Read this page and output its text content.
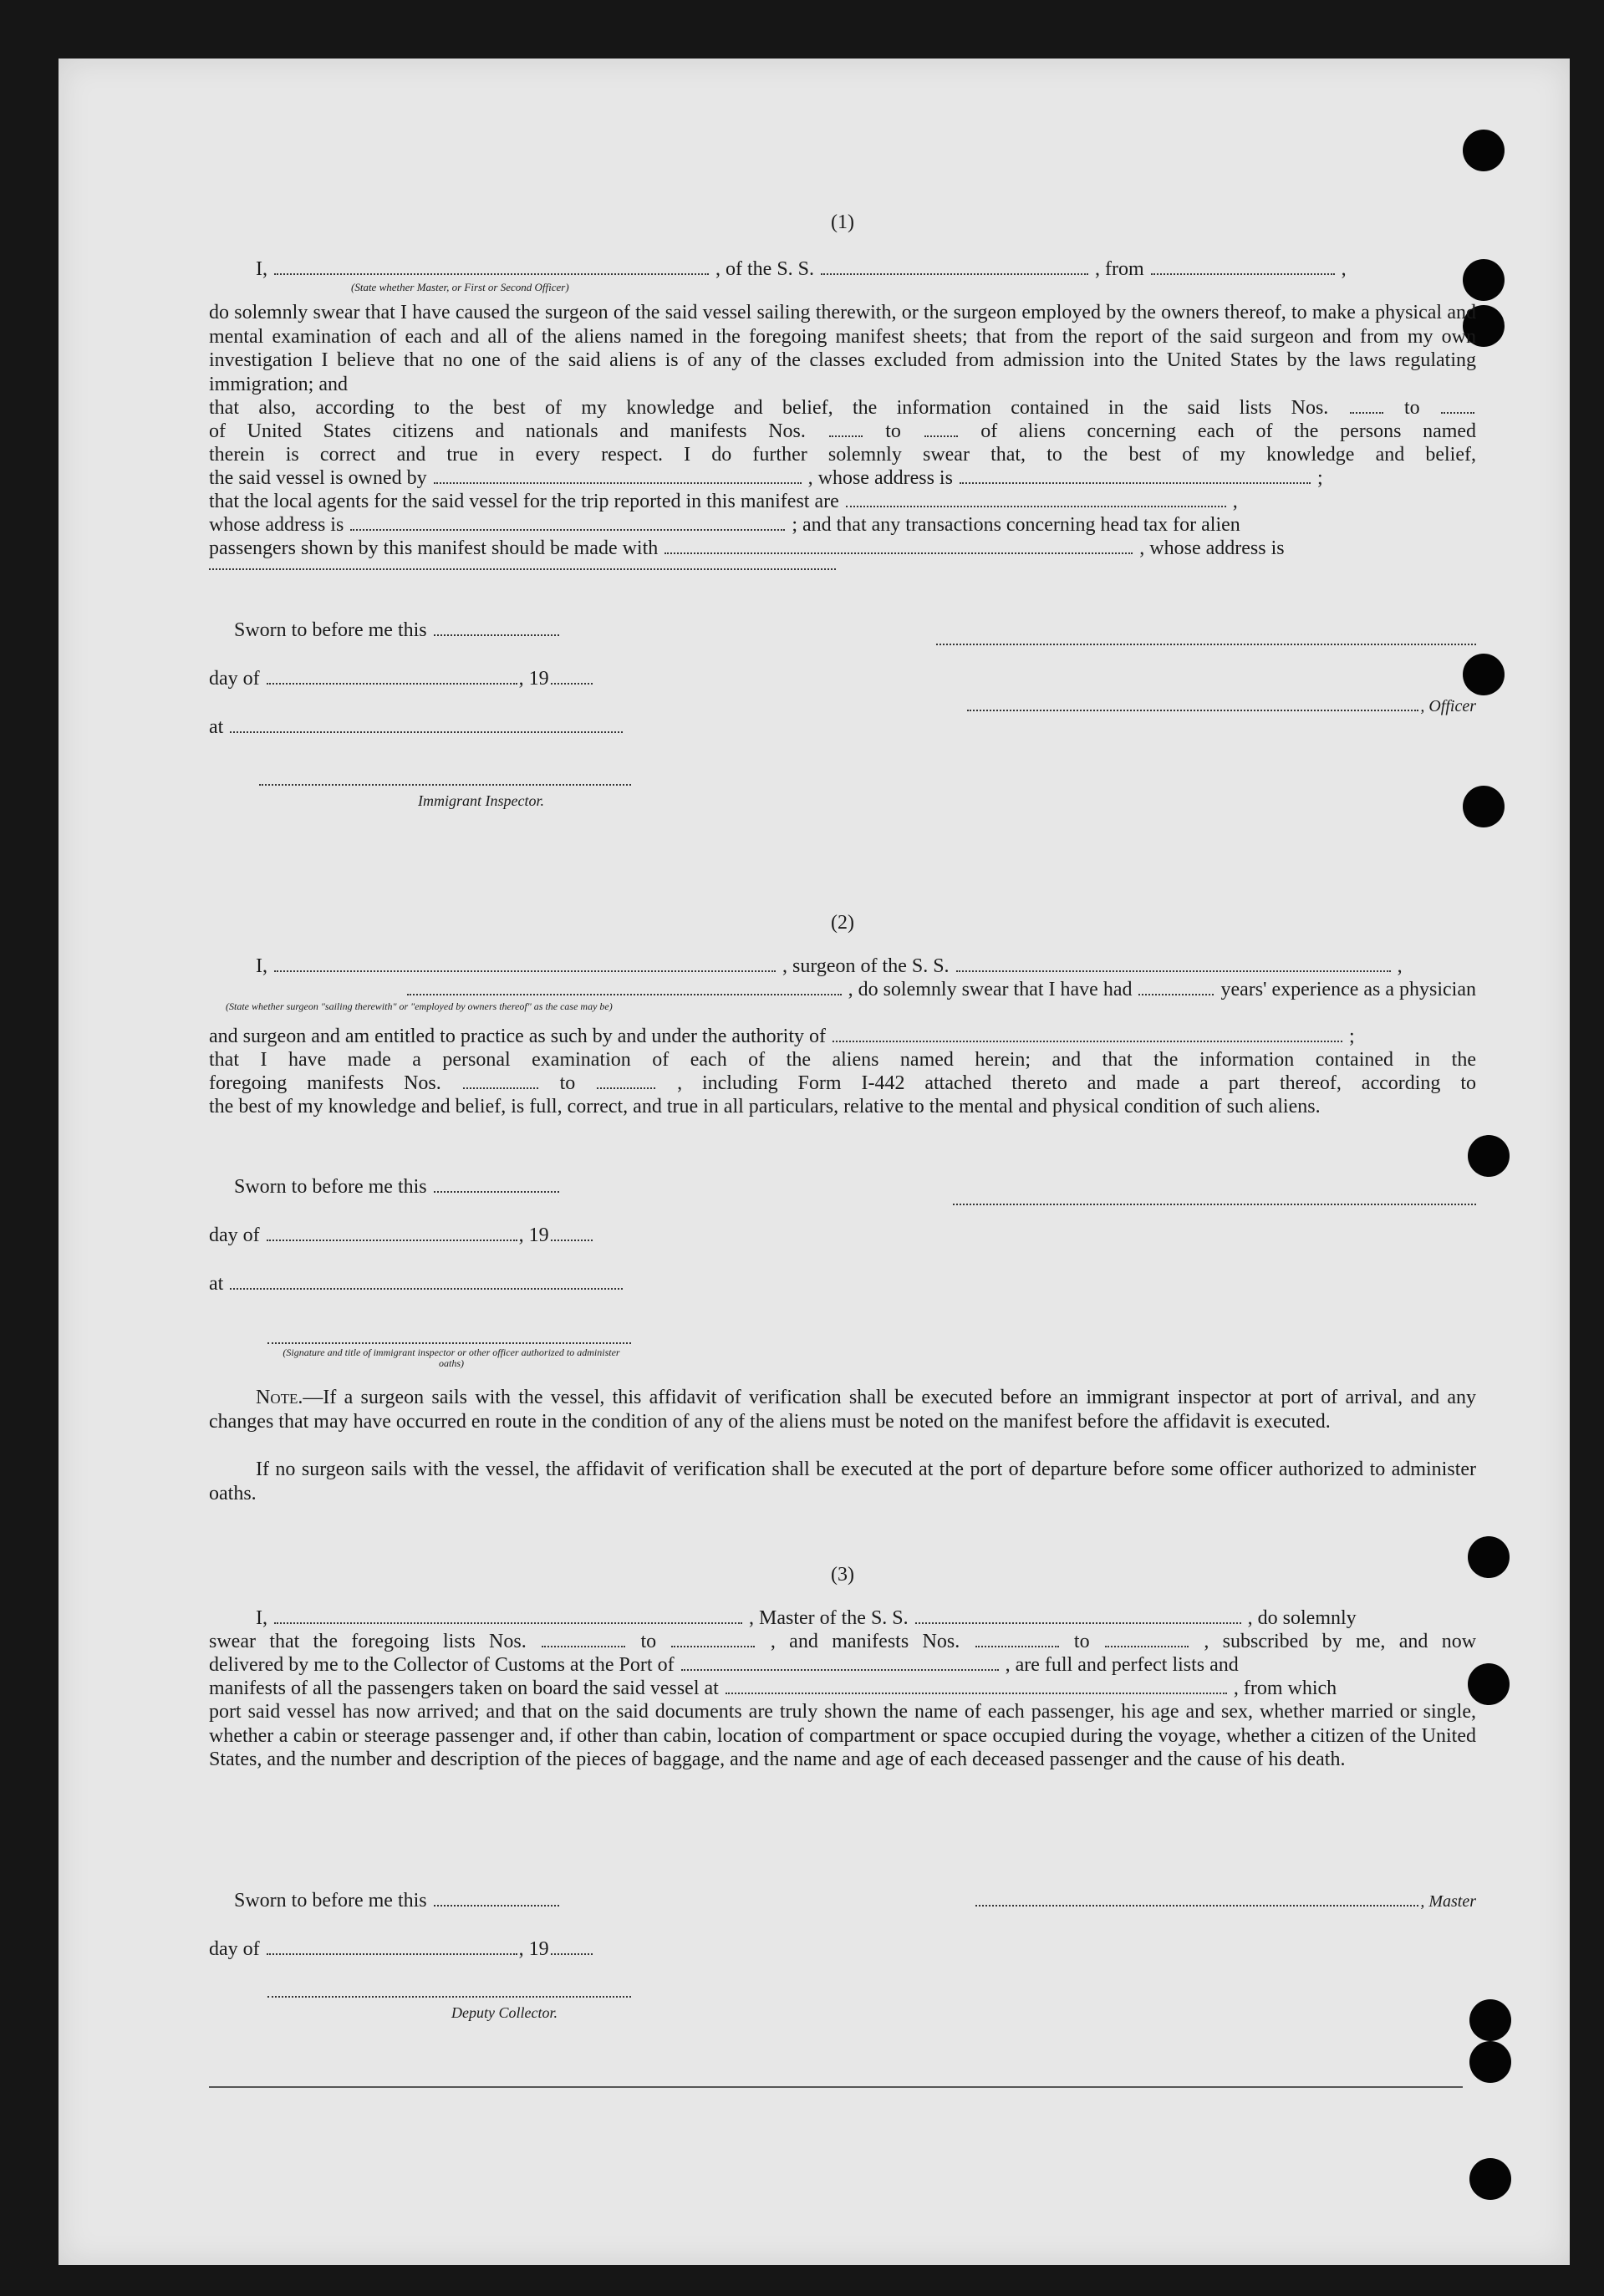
(1)
I,	, of the S. S.	, from	,
(State whether Master, or First or Second Officer)
do solemnly swear that I have caused the surgeon of the said vessel sailing therewith, or the surgeon employed by the owners thereof, to make a physical and mental examination of each and all of the aliens named in the foregoing manifest sheets; that from the report of the said surgeon and from my own investigation I believe that no one of the said aliens is of any of the classes excluded from admission into the United States by the laws regulating immigration; and
that also, according to the best of my knowledge and belief, the information contained in the said lists Nos.	to
of United States citizens and nationals and manifests Nos.	to	of aliens concerning each of the persons named
therein is correct and true in every respect. I do further solemnly swear that, to the best of my knowledge and belief,
the said vessel is owned by	, whose address is	;
that the local agents for the said vessel for the trip reported in this manifest are	,
whose address is	; and that any transactions concerning head tax for alien
passengers shown by this manifest should be made with	, whose address is
Sworn to before me this
day of	, 19
, Officer
at
Immigrant Inspector.
(2)
I,	, surgeon of the S. S.	,
, do solemnly swear that I have had	years' experience as a physician
(State whether surgeon "sailing therewith" or "employed by owners thereof" as the case may be)
and surgeon and am entitled to practice as such by and under the authority of	;
that I have made a personal examination of each of the aliens named herein; and that the information contained in the
foregoing manifests Nos.	to	, including Form I-442 attached thereto and made a part thereof, according to
the best of my knowledge and belief, is full, correct, and true in all particulars, relative to the mental and physical condition of such aliens.
Sworn to before me this
day of	, 19
at
(Signature and title of immigrant inspector or other officer authorized to administer oaths)
Note.—If a surgeon sails with the vessel, this affidavit of verification shall be executed before an immigrant inspector at port of arrival, and any changes that may have occurred en route in the condition of any of the aliens must be noted on the manifest before the affidavit is executed.
If no surgeon sails with the vessel, the affidavit of verification shall be executed at the port of departure before some officer authorized to administer oaths.
(3)
I,	, Master of the S. S.	, do solemnly
swear that the foregoing lists Nos.	to	, and manifests Nos.	to	, subscribed by me, and now
delivered by me to the Collector of Customs at the Port of	, are full and perfect lists and
manifests of all the passengers taken on board the said vessel at	, from which
port said vessel has now arrived; and that on the said documents are truly shown the name of each passenger, his age and sex, whether married or single, whether a cabin or steerage passenger and, if other than cabin, location of compartment or space occupied during the voyage, whether a citizen of the United States, and the number and description of the pieces of baggage, and the name and age of each deceased passenger and the cause of his death.
Sworn to before me this	, Master
day of	, 19
Deputy Collector.
